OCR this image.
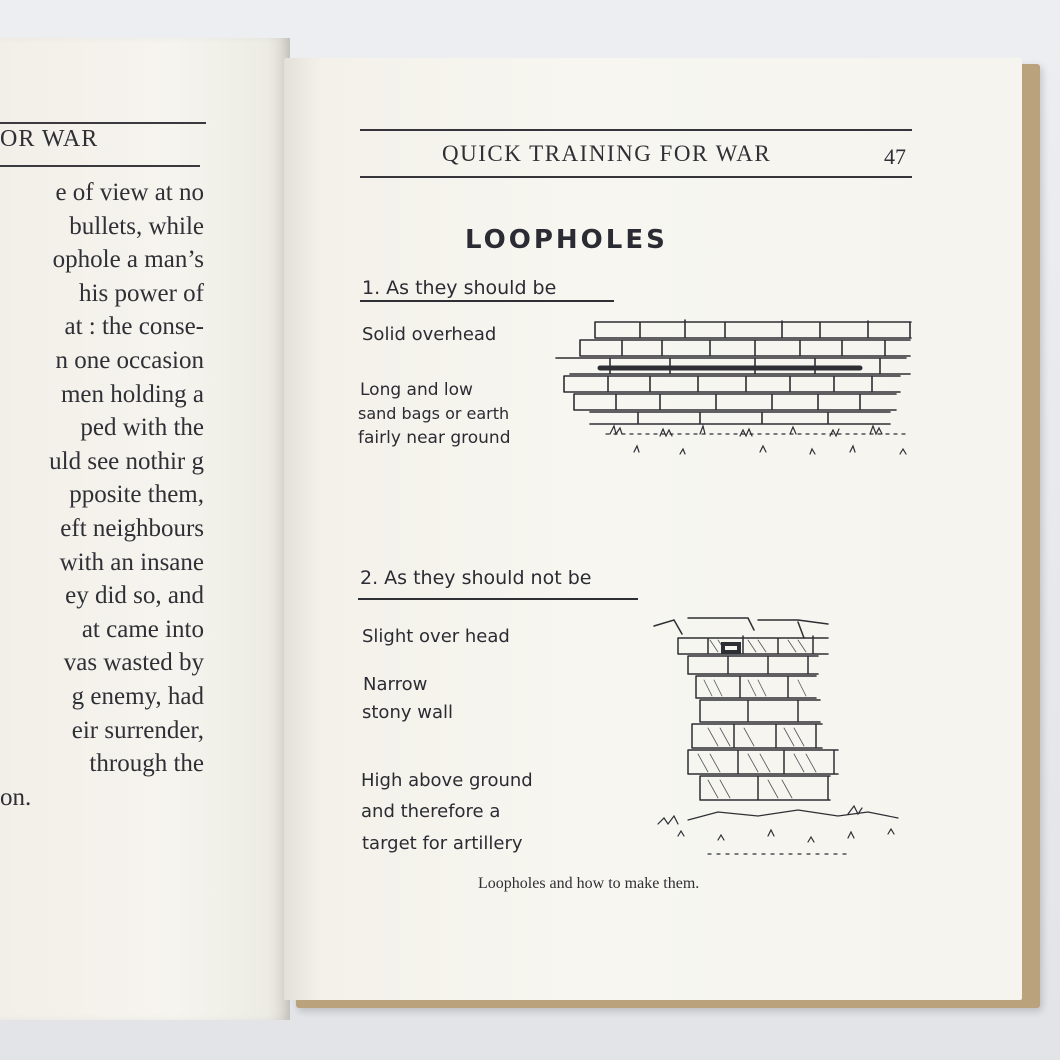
OR WAR
e of view at no
bullets, while
ophole a man’s
his power of
at : the conse-
n one occasion
men holding a
ped with the
uld see nothir g
pposite them,
eft neighbours
with an insane
ey did so, and
at came into
vas wasted by
g enemy, had
eir surrender,
through the
on.
QUICK TRAINING FOR WAR	47
LOOPHOLES
1. As they should be
Solid overhead
Long and low
sand bags or earth
fairly near ground
2. As they should not be
Slight over head
Narrow
stony wall
High above ground
and therefore a
target for artillery
Loopholes and how to make them.
